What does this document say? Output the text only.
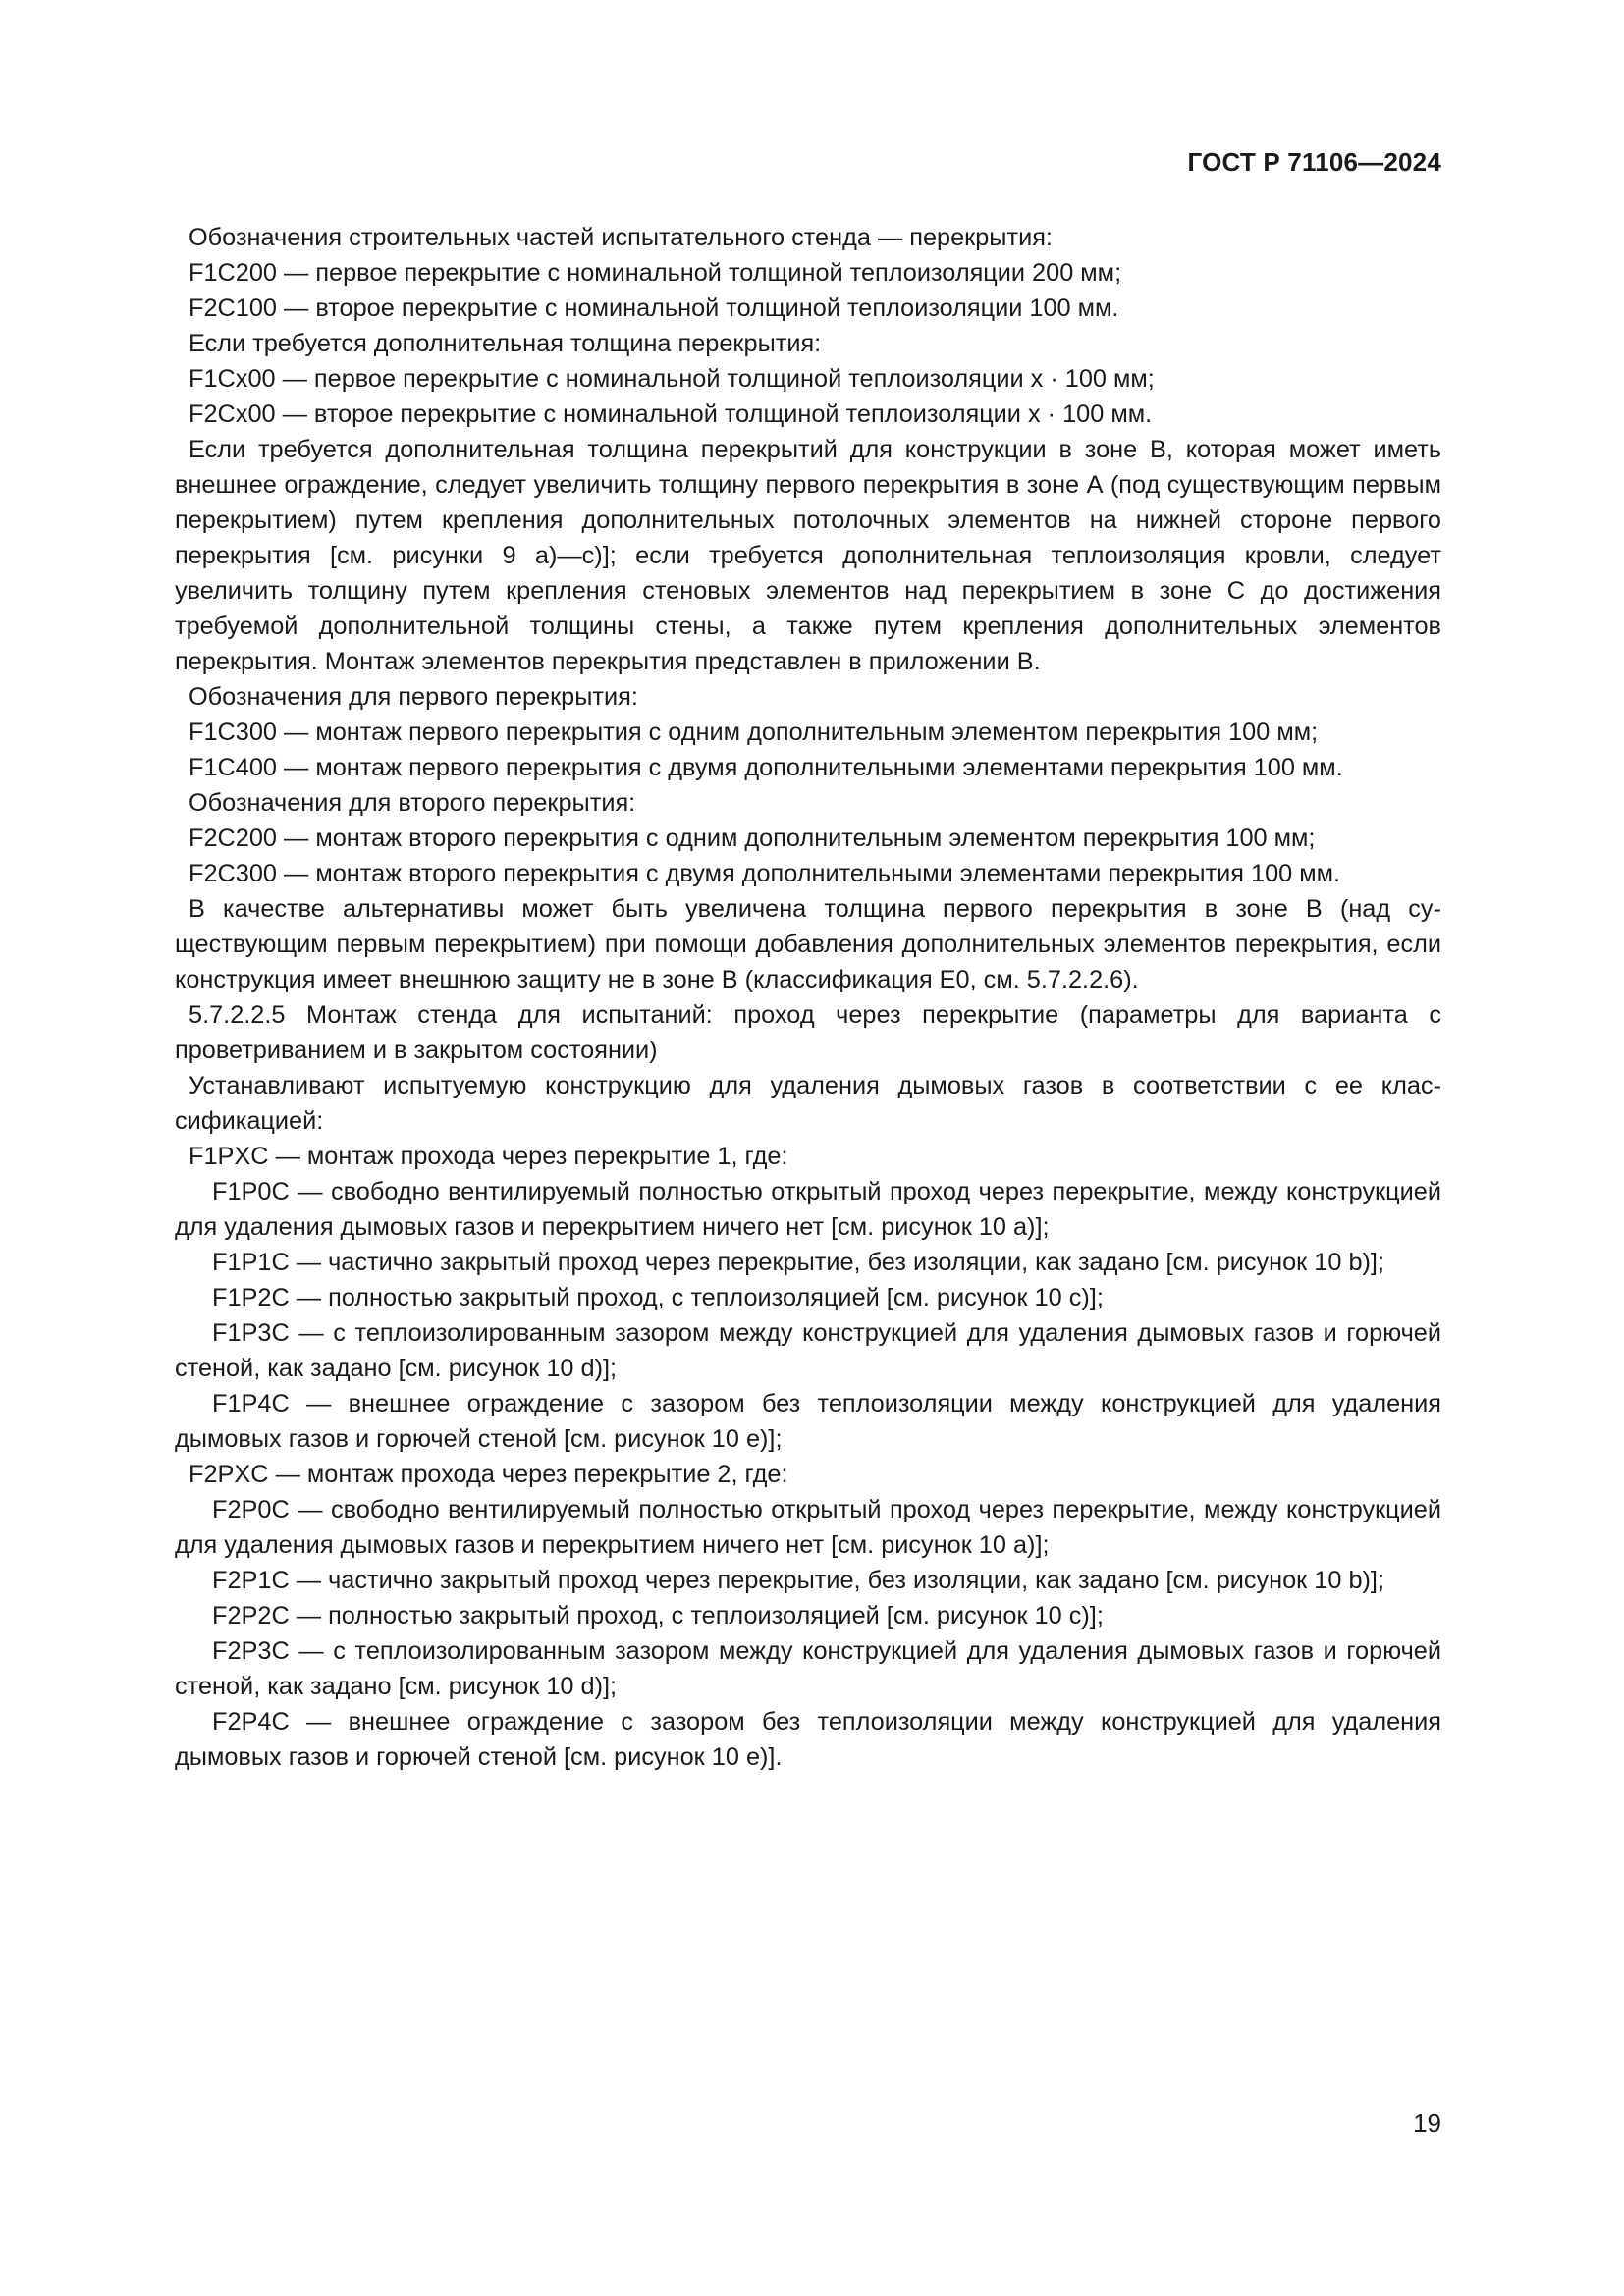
ГОСТ Р 71106—2024

Обозначения строительных частей испытательного стенда — перекрытия:

F1C200 — первое перекрытие с номинальной толщиной теплоизоляции 200 мм;

F2C100 — второе перекрытие с номинальной толщиной теплоизоляции 100 мм.

Если требуется дополнительная толщина перекрытия:

F1Cx00 — первое перекрытие с номинальной толщиной теплоизоляции x · 100 мм;

F2Cx00 — второе перекрытие с номинальной толщиной теплоизоляции x · 100 мм.

Если требуется дополнительная толщина перекрытий для конструкции в зоне В, которая может иметь внешнее ограждение, следует увеличить толщину первого перекрытия в зоне А (под существующим первым перекрытием) путем крепления дополнительных потолочных элементов на нижней стороне первого перекрытия [см. рисунки 9 а)—с)]; если требуется дополнительная теплоизоляция кровли, следует увеличить толщину путем крепления стеновых элементов над перекрытием в зоне С до достижения требуемой дополнительной толщины стены, а также путем крепления дополнительных элементов перекрытия. Монтаж элементов перекрытия представлен в приложении В.

Обозначения для первого перекрытия:

F1C300 — монтаж первого перекрытия с одним дополнительным элементом перекрытия 100 мм;

F1C400 — монтаж первого перекрытия с двумя дополнительными элементами перекрытия 100 мм.

Обозначения для второго перекрытия:

F2C200 — монтаж второго перекрытия с одним дополнительным элементом перекрытия 100 мм;

F2C300 — монтаж второго перекрытия с двумя дополнительными элементами перекрытия 100 мм.

В качестве альтернативы может быть увеличена толщина первого перекрытия в зоне В (над существующим первым перекрытием) при помощи добавления дополнительных элементов перекрытия, если конструкция имеет внешнюю защиту не в зоне В (классификация Е0, см. 5.7.2.2.6).

5.7.2.2.5 Монтаж стенда для испытаний: проход через перекрытие (параметры для варианта с проветриванием и в закрытом состоянии)

Устанавливают испытуемую конструкцию для удаления дымовых газов в соответствии с ее классификацией:

F1PXC — монтаж прохода через перекрытие 1, где:

F1P0C — свободно вентилируемый полностью открытый проход через перекрытие, между конструкцией для удаления дымовых газов и перекрытием ничего нет [см. рисунок 10 а)];

F1P1C — частично закрытый проход через перекрытие, без изоляции, как задано [см. рисунок 10 b)];

F1P2C — полностью закрытый проход, с теплоизоляцией [см. рисунок 10 с)];

F1P3C — с теплоизолированным зазором между конструкцией для удаления дымовых газов и горючей стеной, как задано [см. рисунок 10 d)];

F1P4C — внешнее ограждение с зазором без теплоизоляции между конструкцией для удаления дымовых газов и горючей стеной [см. рисунок 10 е)];

F2PXC — монтаж прохода через перекрытие 2, где:

F2P0C — свободно вентилируемый полностью открытый проход через перекрытие, между конструкцией для удаления дымовых газов и перекрытием ничего нет [см. рисунок 10 а)];

F2P1C — частично закрытый проход через перекрытие, без изоляции, как задано [см. рисунок 10 b)];

F2P2C — полностью закрытый проход, с теплоизоляцией [см. рисунок 10 с)];

F2P3C — с теплоизолированным зазором между конструкцией для удаления дымовых газов и горючей стеной, как задано [см. рисунок 10 d)];

F2P4C — внешнее ограждение с зазором без теплоизоляции между конструкцией для удаления дымовых газов и горючей стеной [см. рисунок 10 е)].

19
